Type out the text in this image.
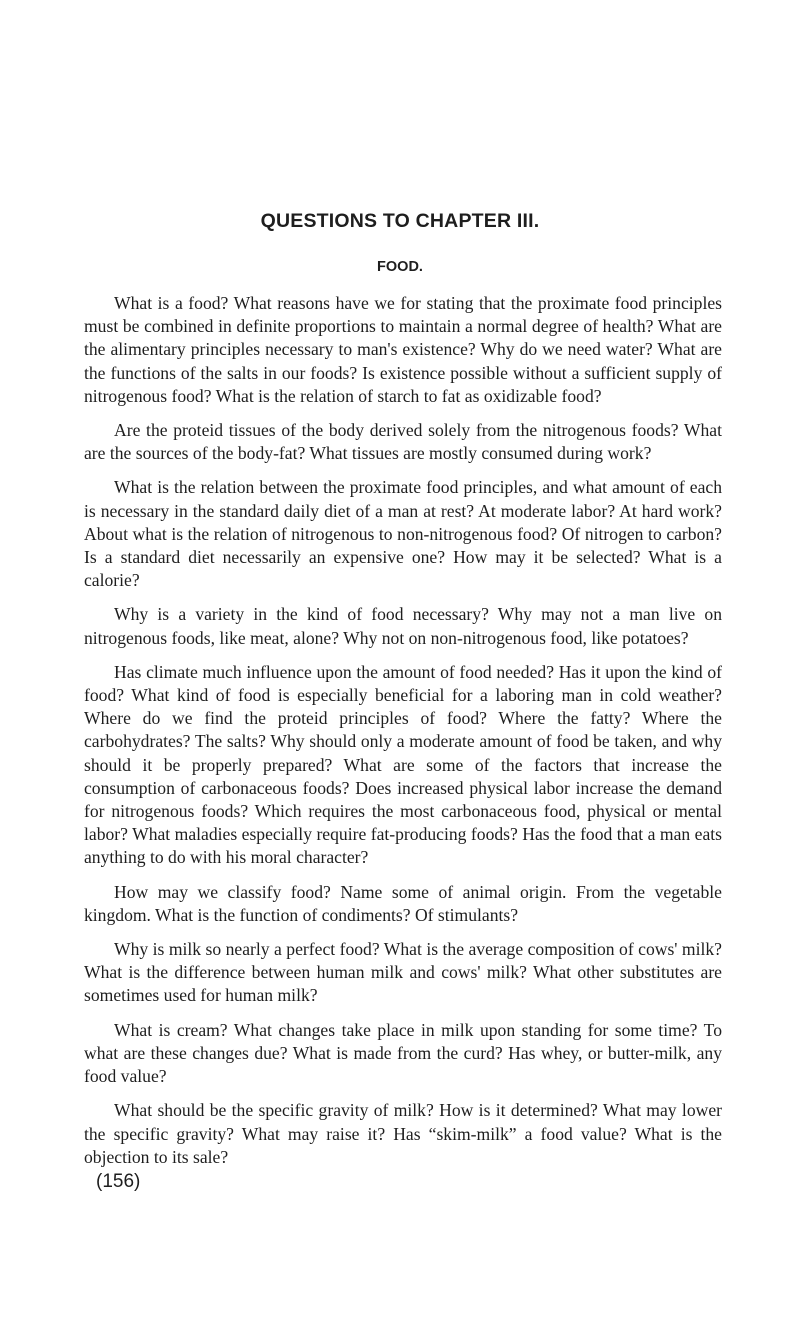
QUESTIONS TO CHAPTER III.
FOOD.

What is a food? What reasons have we for stating that the proximate food principles must be combined in definite proportions to maintain a normal degree of health? What are the alimentary principles necessary to man's existence? Why do we need water? What are the functions of the salts in our foods? Is existence possible without a sufficient supply of nitrogenous food? What is the relation of starch to fat as oxidizable food?

Are the proteid tissues of the body derived solely from the nitrogenous foods? What are the sources of the body-fat? What tissues are mostly consumed during work?

What is the relation between the proximate food principles, and what amount of each is necessary in the standard daily diet of a man at rest? At moderate labor? At hard work? About what is the relation of nitrogenous to non-nitrogenous food? Of nitrogen to carbon? Is a standard diet necessarily an expensive one? How may it be selected? What is a calorie?

Why is a variety in the kind of food necessary? Why may not a man live on nitrogenous foods, like meat, alone? Why not on non-nitrogenous food, like potatoes?

Has climate much influence upon the amount of food needed? Has it upon the kind of food? What kind of food is especially beneficial for a laboring man in cold weather? Where do we find the proteid principles of food? Where the fatty? Where the carbohydrates? The salts? Why should only a moderate amount of food be taken, and why should it be properly prepared? What are some of the factors that increase the consumption of carbonaceous foods? Does increased physical labor increase the demand for nitrogenous foods? Which requires the most carbonaceous food, physical or mental labor? What maladies especially require fat-producing foods? Has the food that a man eats anything to do with his moral character?

How may we classify food? Name some of animal origin. From the vegetable kingdom. What is the function of condiments? Of stimulants?

Why is milk so nearly a perfect food? What is the average composition of cows' milk? What is the difference between human milk and cows' milk? What other substitutes are sometimes used for human milk?

What is cream? What changes take place in milk upon standing for some time? To what are these changes due? What is made from the curd? Has whey, or butter-milk, any food value?

What should be the specific gravity of milk? How is it determined? What may lower the specific gravity? What may raise it? Has “skim-milk” a food value? What is the objection to its sale?

(156)
